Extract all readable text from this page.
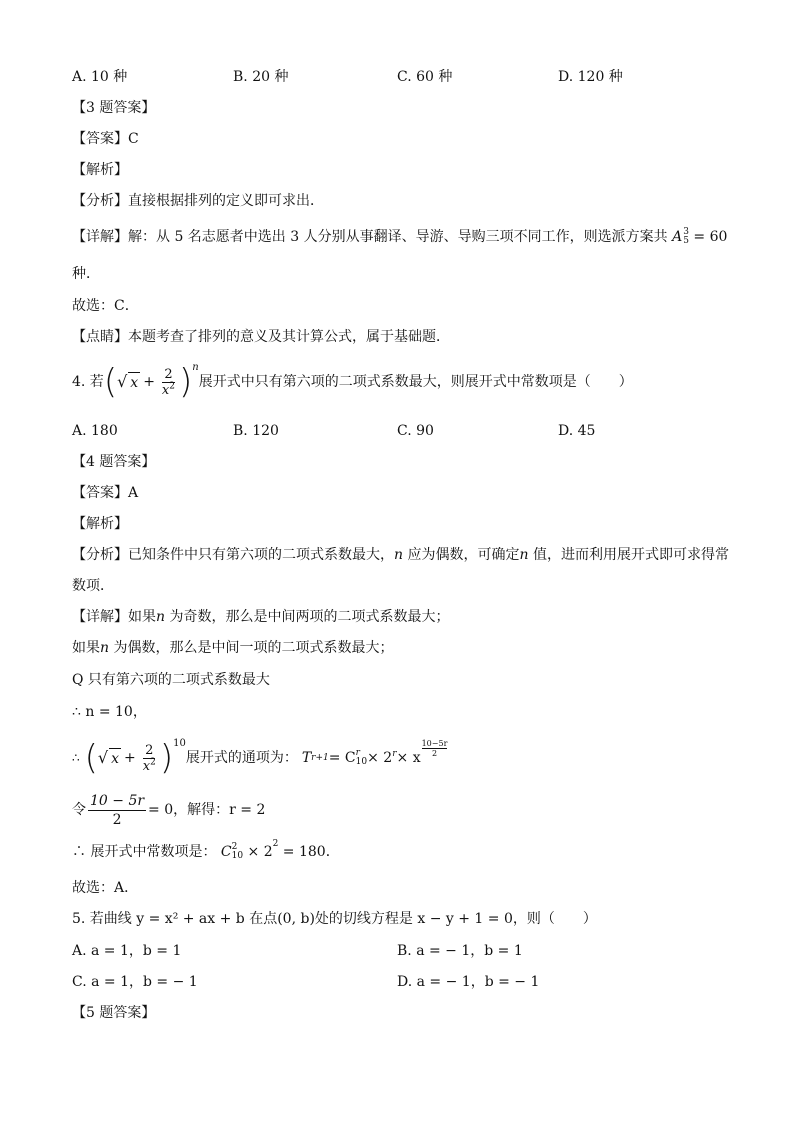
A. 10 种	B. 20 种	C. 60 种	D. 120 种
【3 题答案】
【答案】C
【解析】
【分析】直接根据排列的定义即可求出．
【详解】解：从 5 名志愿者中选出 3 人分别从事翻译、导游、导购三项不同工作，则选派方案共 A 3
5 = 60
种．
故选：C．
【点睛】本题考查了排列的意义及其计算公式，属于基础题．
4. 若 ( √ $x + \frac{2}{x^2} )^n$
展开式中只有第六项的二项式系数最大，则展开式中常数项是（　　）
A. 180	B. 120	C. 90	D. 45
【4 题答案】
【答案】A
【解析】
【分析】已知条件中只有第六项的二项式系数最大，n 应为偶数，可确定n 值，进而利用展开式即可求得常
数项．
【详解】如果n 为奇数，那么是中间两项的二项式系数最大；
如果n 为偶数，那么是中间一项的二项式系数最大；
Q 只有第六项的二项式系数最大
∴ n = 10，
∴ ( √ $x + \frac{2}{x^2} )^{10}$
展开式的通项为： T r+1 = C r
$10 \times 2^r \times x$
10−5r
2
令 $\frac{10 - 5r}{2} = 0$，解得：r = 2
∴ 展开式中常数项是： C 2
$10 \times 2^2 = 180$．
故选：A．
5. 若曲线 y = x² + ax + b 在点(0, b)处的切线方程是 x − y + 1 = 0，则（　　）
A. a = 1，b = 1	B. a = − 1，b = 1
C. a = 1，b = − 1	D. a = − 1，b = − 1
【5 题答案】
